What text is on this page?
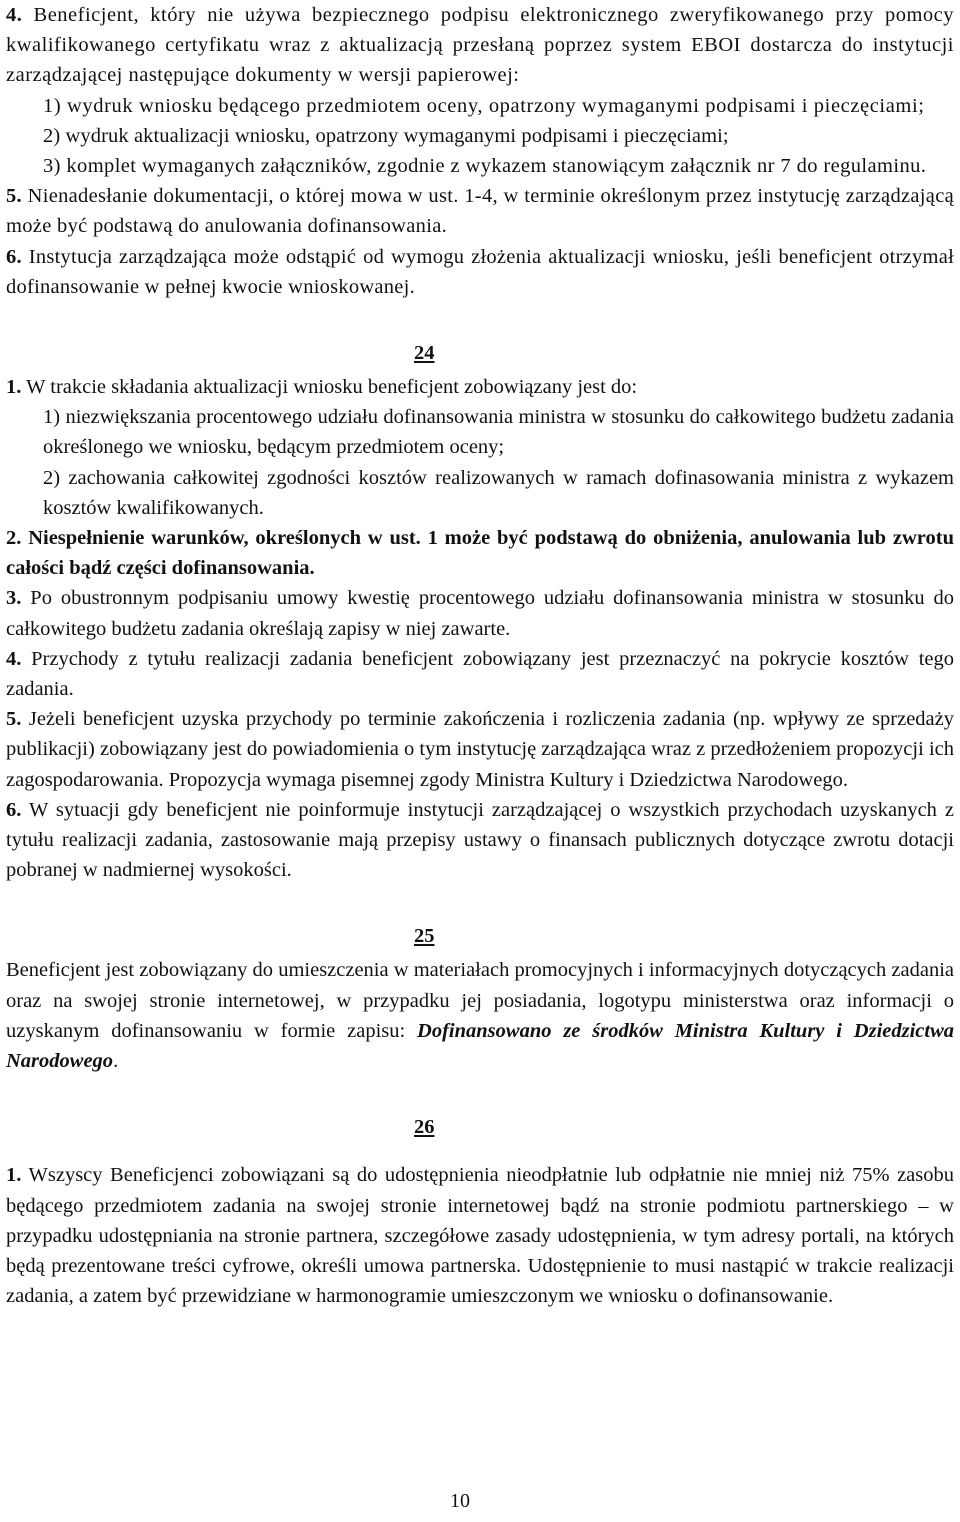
4. Beneficjent, który nie używa bezpiecznego podpisu elektronicznego zweryfikowanego przy pomocy kwalifikowanego certyfikatu wraz z aktualizacją przesłaną poprzez system EBOI dostarcza do instytucji zarządzającej następujące dokumenty w wersji papierowej:

1) wydruk wniosku będącego przedmiotem oceny, opatrzony wymaganymi podpisami i pieczęciami;

2) wydruk aktualizacji wniosku, opatrzony wymaganymi podpisami i pieczęciami;

3) komplet wymaganych załączników, zgodnie z wykazem stanowiącym załącznik nr 7 do regulaminu.

5. Nienadesłanie dokumentacji, o której mowa w ust. 1-4, w terminie określonym przez instytucję zarządzającą może być podstawą do anulowania dofinansowania.

6. Instytucja zarządzająca może odstąpić od wymogu złożenia aktualizacji wniosku, jeśli beneficjent otrzymał dofinansowanie w pełnej kwocie wnioskowanej.

24

1. W trakcie składania aktualizacji wniosku beneficjent zobowiązany jest do:

1) niezwiększania procentowego udziału dofinansowania ministra w stosunku do całkowitego budżetu zadania określonego we wniosku, będącym przedmiotem oceny;

2) zachowania całkowitej zgodności kosztów realizowanych w ramach dofinasowania ministra z wykazem kosztów kwalifikowanych.

2. Niespełnienie warunków, określonych w ust. 1 może być podstawą do obniżenia, anulowania lub zwrotu całości bądź części dofinansowania.

3. Po obustronnym podpisaniu umowy kwestię procentowego udziału dofinansowania ministra w stosunku do całkowitego budżetu zadania określają zapisy w niej zawarte.

4. Przychody z tytułu realizacji zadania beneficjent zobowiązany jest przeznaczyć na pokrycie kosztów tego zadania.

5. Jeżeli beneficjent uzyska przychody po terminie zakończenia i rozliczenia zadania (np. wpływy ze sprzedaży publikacji) zobowiązany jest do powiadomienia o tym instytucję zarządzająca wraz z przedłożeniem propozycji ich zagospodarowania. Propozycja wymaga pisemnej zgody Ministra Kultury i Dziedzictwa Narodowego.

6. W sytuacji gdy beneficjent nie poinformuje instytucji zarządzającej o wszystkich przychodach uzyskanych z tytułu realizacji zadania, zastosowanie mają przepisy ustawy o finansach publicznych dotyczące zwrotu dotacji pobranej w nadmiernej wysokości.

25

Beneficjent jest zobowiązany do umieszczenia w materiałach promocyjnych i informacyjnych dotyczących zadania oraz na swojej stronie internetowej, w przypadku jej posiadania, logotypu ministerstwa oraz informacji o uzyskanym dofinansowaniu w formie zapisu: Dofinansowano ze środków Ministra Kultury i Dziedzictwa Narodowego.

26

1. Wszyscy Beneficjenci zobowiązani są do udostępnienia nieodpłatnie lub odpłatnie nie mniej niż 75% zasobu będącego przedmiotem zadania na swojej stronie internetowej bądź na stronie podmiotu partnerskiego – w przypadku udostępniania na stronie partnera, szczegółowe zasady udostępnienia, w tym adresy portali, na których będą prezentowane treści cyfrowe, określi umowa partnerska. Udostępnienie to musi nastąpić w trakcie realizacji zadania, a zatem być przewidziane w harmonogramie umieszczonym we wniosku o dofinansowanie.

10
